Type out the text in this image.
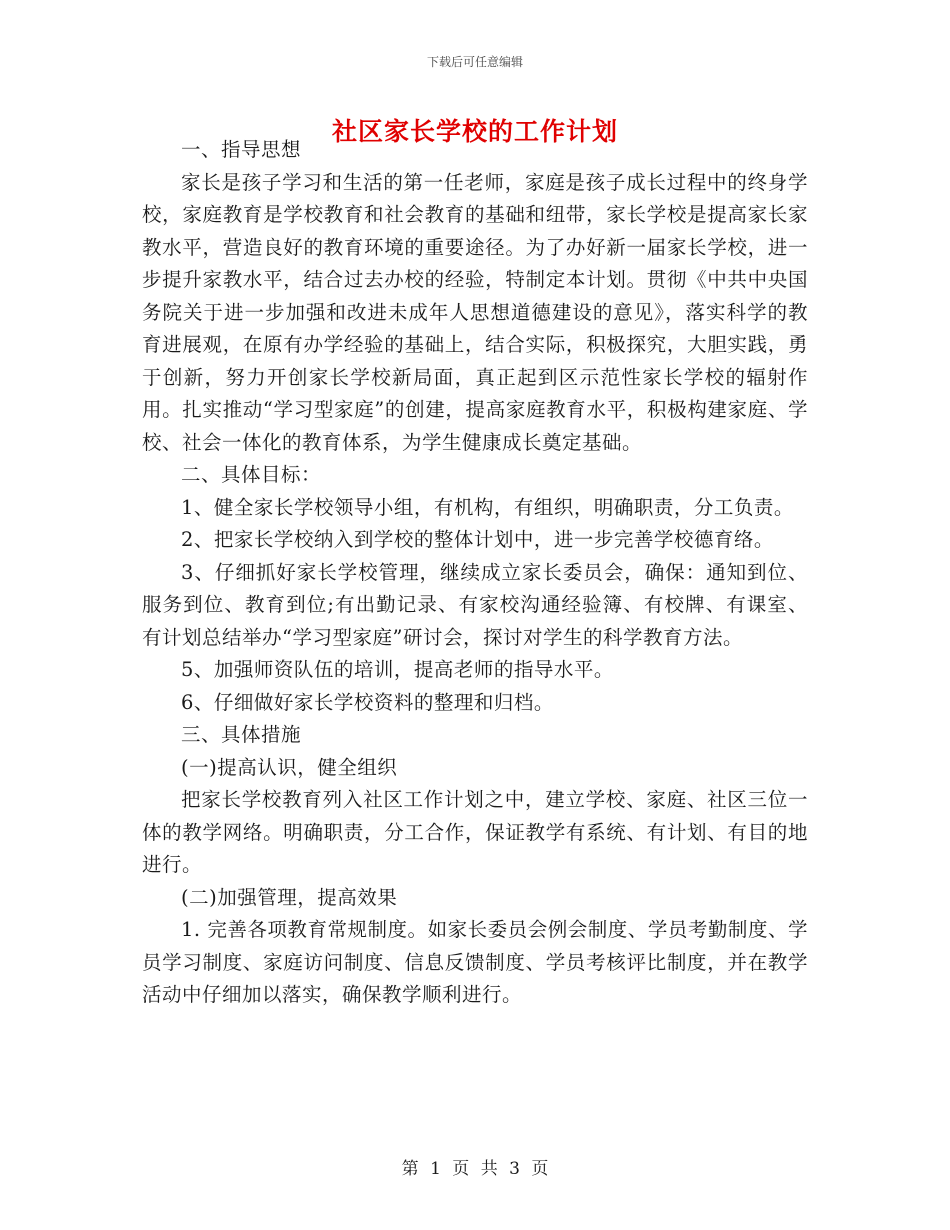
下载后可任意编辑
社区家长学校的工作计划

一、指导思想

家长是孩子学习和生活的第一任老师，家庭是孩子成长过程中的终身学校，家庭教育是学校教育和社会教育的基础和纽带，家长学校是提高家长家教水平，营造良好的教育环境的重要途径。为了办好新一届家长学校，进一步提升家教水平，结合过去办校的经验，特制定本计划。贯彻《中共中央国务院关于进一步加强和改进未成年人思想道德建设的意见》，落实科学的教育进展观，在原有办学经验的基础上，结合实际，积极探究，大胆实践，勇于创新，努力开创家长学校新局面，真正起到区示范性家长学校的辐射作用。扎实推动“学习型家庭”的创建，提高家庭教育水平，积极构建家庭、学校、社会一体化的教育体系，为学生健康成长奠定基础。

二、具体目标：

1、健全家长学校领导小组，有机构，有组织，明确职责，分工负责。

2、把家长学校纳入到学校的整体计划中，进一步完善学校德育络。

3、仔细抓好家长学校管理，继续成立家长委员会，确保：通知到位、服务到位、教育到位;有出勤记录、有家校沟通经验簿、有校牌、有课室、有计划总结举办“学习型家庭”研讨会，探讨对学生的科学教育方法。

5、加强师资队伍的培训，提高老师的指导水平。

6、仔细做好家长学校资料的整理和归档。

三、具体措施

(一)提高认识，健全组织

把家长学校教育列入社区工作计划之中，建立学校、家庭、社区三位一体的教学网络。明确职责，分工合作，保证教学有系统、有计划、有目的地进行。

(二)加强管理，提高效果

1. 完善各项教育常规制度。如家长委员会例会制度、学员考勤制度、学员学习制度、家庭访问制度、信息反馈制度、学员考核评比制度，并在教学活动中仔细加以落实，确保教学顺利进行。

第 1 页 共 3 页
